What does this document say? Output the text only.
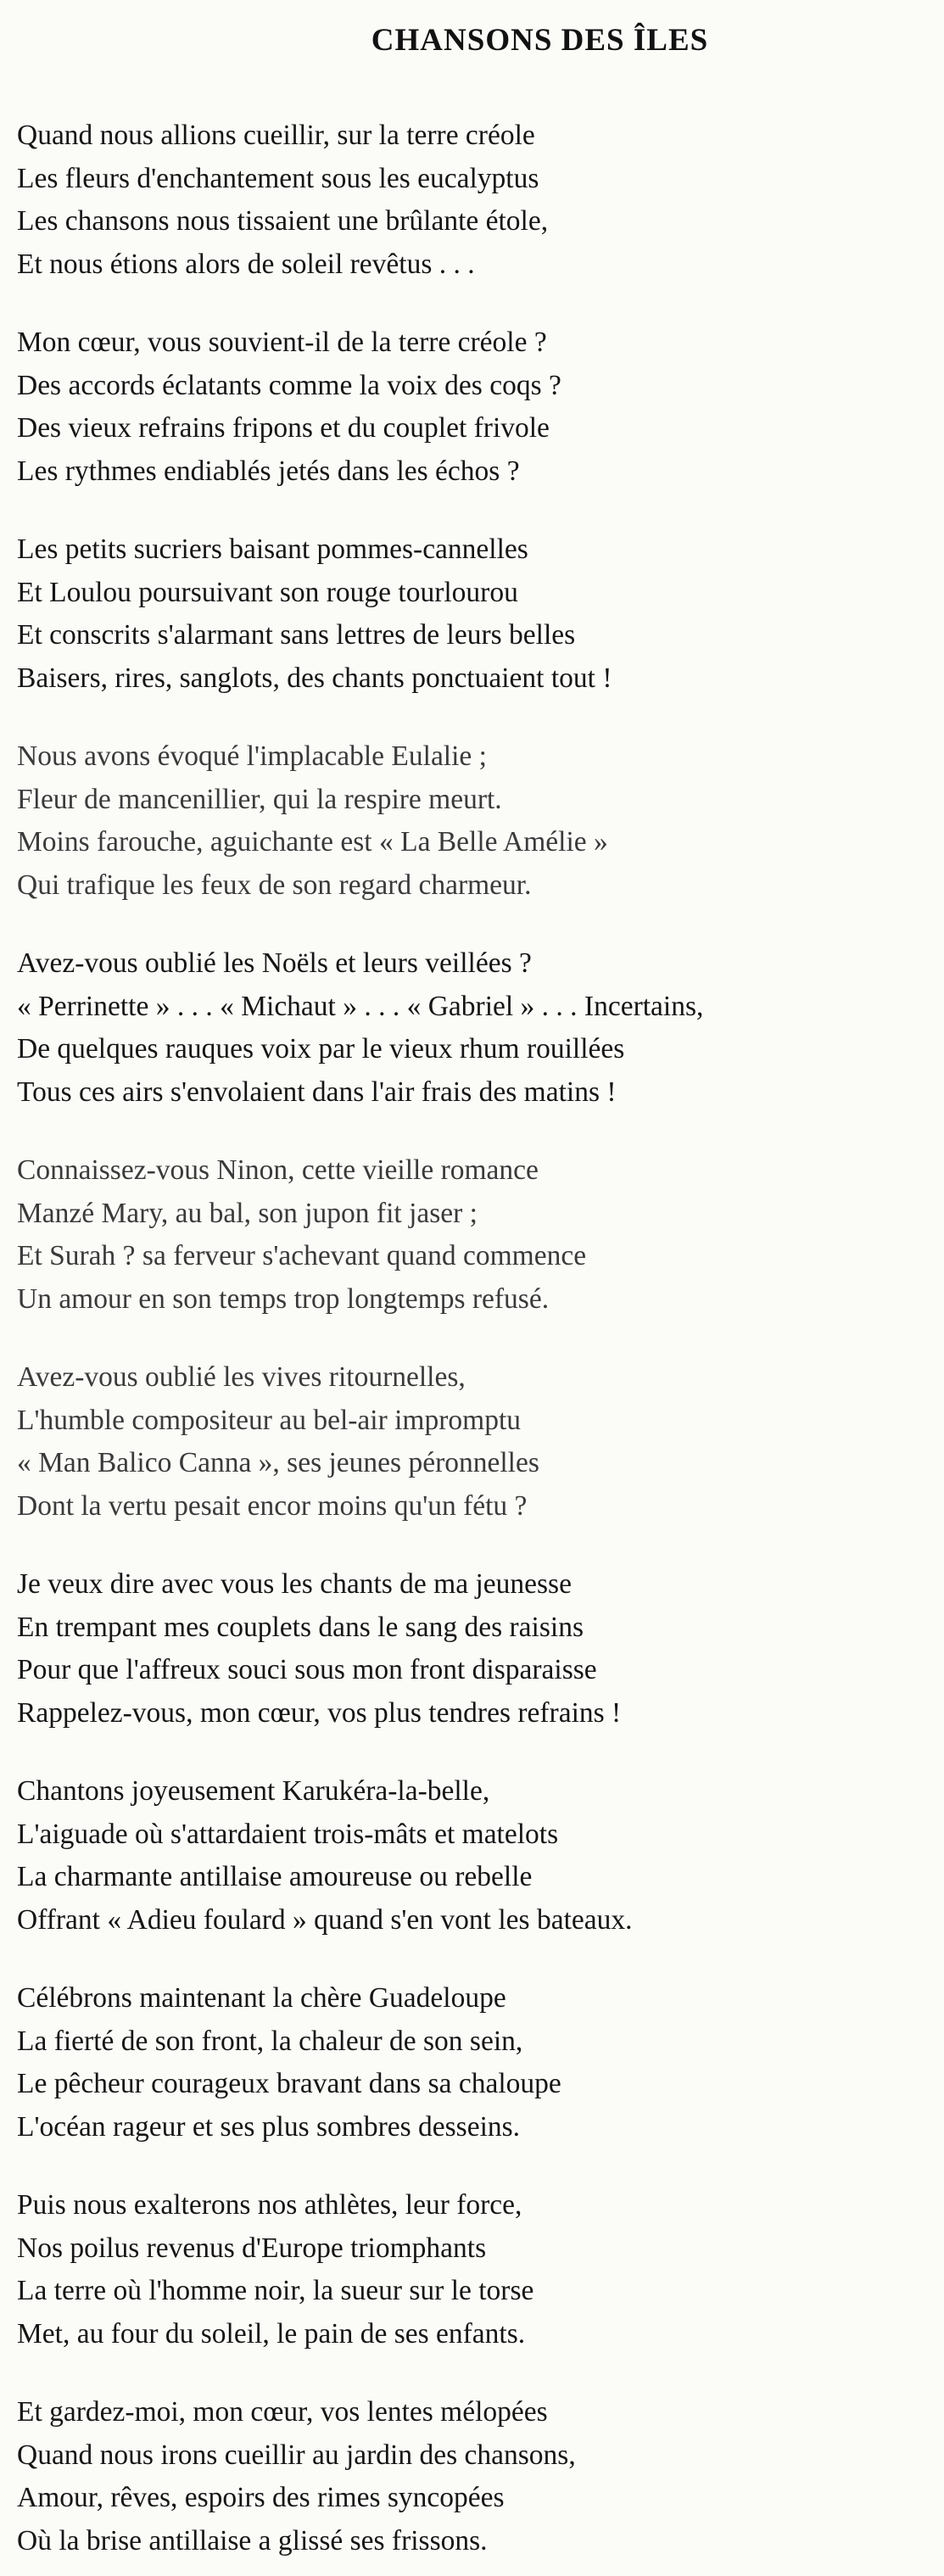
CHANSONS DES ÎLES
Quand nous allions cueillir, sur la terre créole
Les fleurs d'enchantement sous les eucalyptus
Les chansons nous tissaient une brûlante étole,
Et nous étions alors de soleil revêtus . . .
Mon cœur, vous souvient-il de la terre créole ?
Des accords éclatants comme la voix des coqs ?
Des vieux refrains fripons et du couplet frivole
Les rythmes endiablés jetés dans les échos ?
Les petits sucriers baisant pommes-cannelles
Et Loulou poursuivant son rouge tourlourou
Et conscrits s'alarmant sans lettres de leurs belles
Baisers, rires, sanglots, des chants ponctuaient tout !
Nous avons évoqué l'implacable Eulalie ;
Fleur de mancenillier, qui la respire meurt.
Moins farouche, aguichante est « La Belle Amélie »
Qui trafique les feux de son regard charmeur.
Avez-vous oublié les Noëls et leurs veillées ?
« Perrinette » . . . « Michaut » . . . « Gabriel » . . . Incertains,
De quelques rauques voix par le vieux rhum rouillées
Tous ces airs s'envolaient dans l'air frais des matins !
Connaissez-vous Ninon, cette vieille romance
Manzé Mary, au bal, son jupon fit jaser ;
Et Surah ? sa ferveur s'achevant quand commence
Un amour en son temps trop longtemps refusé.
Avez-vous oublié les vives ritournelles,
L'humble compositeur au bel-air impromptu
« Man Balico Canna », ses jeunes péronnelles
Dont la vertu pesait encor moins qu'un fétu ?
Je veux dire avec vous les chants de ma jeunesse
En trempant mes couplets dans le sang des raisins
Pour que l'affreux souci sous mon front disparaisse
Rappelez-vous, mon cœur, vos plus tendres refrains !
Chantons joyeusement Karukéra-la-belle,
L'aiguade où s'attardaient trois-mâts et matelots
La charmante antillaise amoureuse ou rebelle
Offrant « Adieu foulard » quand s'en vont les bateaux.
Célébrons maintenant la chère Guadeloupe
La fierté de son front, la chaleur de son sein,
Le pêcheur courageux bravant dans sa chaloupe
L'océan rageur et ses plus sombres desseins.
Puis nous exalterons nos athlètes, leur force,
Nos poilus revenus d'Europe triomphants
La terre où l'homme noir, la sueur sur le torse
Met, au four du soleil, le pain de ses enfants.
Et gardez-moi, mon cœur, vos lentes mélopées
Quand nous irons cueillir au jardin des chansons,
Amour, rêves, espoirs des rimes syncopées
Où la brise antillaise a glissé ses frissons.
